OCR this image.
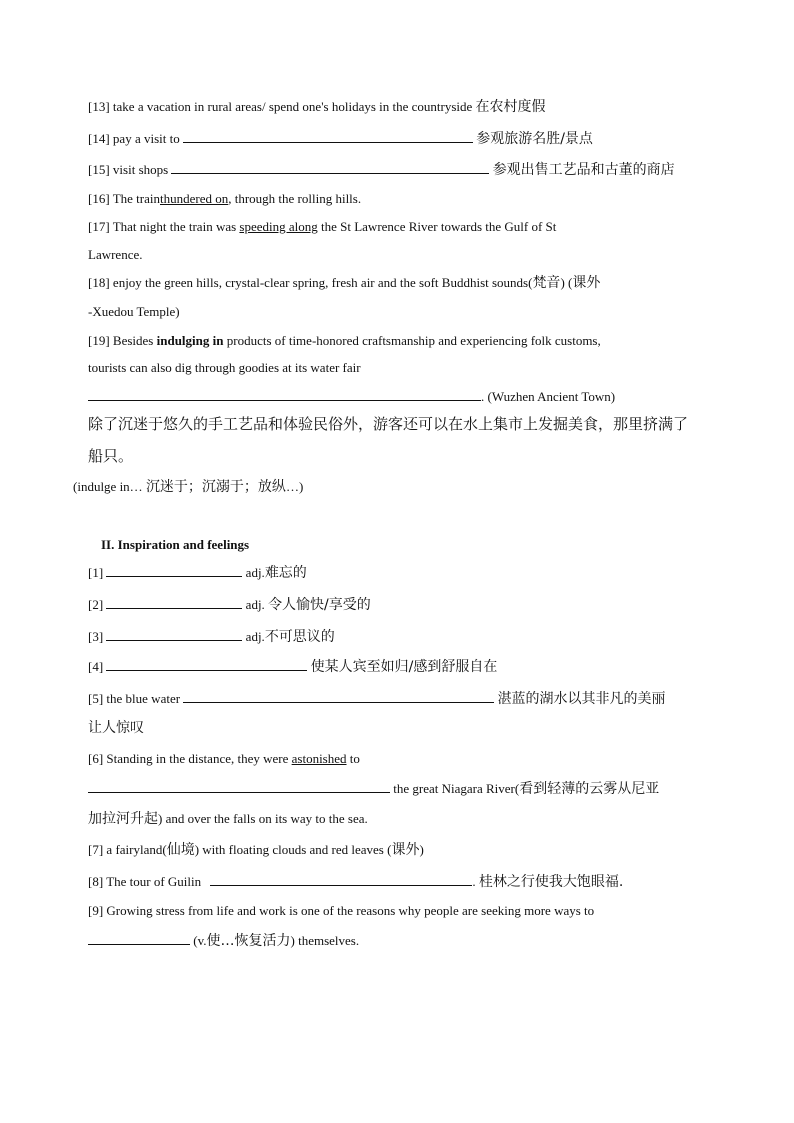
[13] take a vacation in rural areas/ spend one's holidays in the countryside 在农村度假
[14] pay a visit to	参观旅游名胜/景点
[15] visit shops	参观出售工艺品和古董的商店
[16] The trainthundered on, through the rolling hills.
[17] That night the train was speeding along the St Lawrence River towards the Gulf of St
Lawrence.
[18] enjoy the green hills, crystal-clear spring, fresh air and the soft Buddhist sounds(梵音) (课外
-Xuedou Temple)
[19] Besides indulging in products of time-honored craftsmanship and experiencing folk customs,
tourists can also dig through goodies at its water fair
. (Wuzhen Ancient Town)
除了沉迷于悠久的手工艺品和体验民俗外，游客还可以在水上集市上发掘美食，那里挤满了
船只。
(indulge in… 沉迷于；沉溺于；放纵…)
II. Inspiration and feelings
[1]	adj.难忘的
[2]	adj. 令人愉快/享受的
[3]	adj.不可思议的
[4]	使某人宾至如归/感到舒服自在
[5] the blue water	湛蓝的湖水以其非凡的美丽
让人惊叹
[6] Standing in the distance, they were astonished to
the great Niagara River(看到轻薄的云雾从尼亚
加拉河升起) and over the falls on its way to the sea.
[7] a fairyland(仙境) with floating clouds and red leaves (课外)
[8] The tour of Guilin	. 桂林之行使我大饱眼福.
[9] Growing stress from life and work is one of the reasons why people are seeking more ways to
(v.使…恢复活力) themselves.
